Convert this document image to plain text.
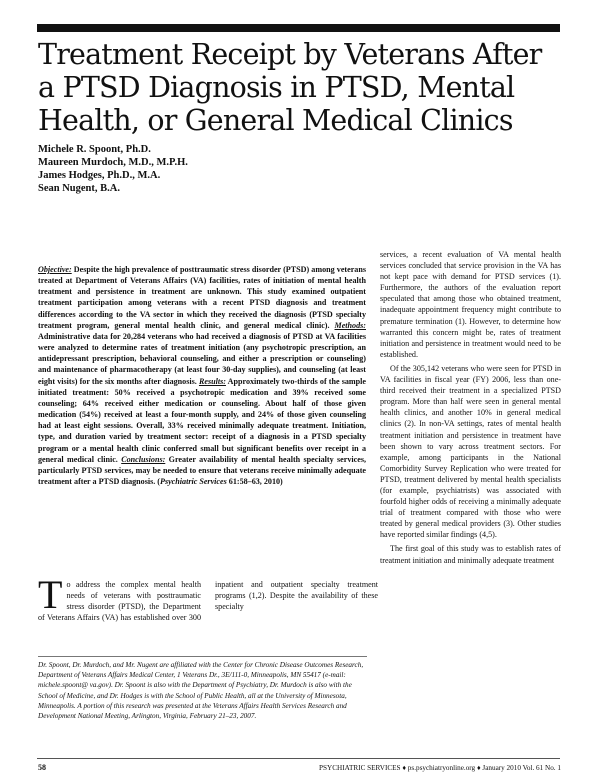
Treatment Receipt by Veterans After
a PTSD Diagnosis in PTSD, Mental
Health, or General Medical Clinics
Michele R. Spoont, Ph.D.
Maureen Murdoch, M.D., M.P.H.
James Hodges, Ph.D., M.A.
Sean Nugent, B.A.

Objective: Despite the high prevalence of posttraumatic stress disorder (PTSD) among veterans treated at Department of Veterans Affairs (VA) facilities, rates of initiation of mental health treatment and persistence in treatment are unknown. This study examined outpatient treatment participation among veterans with a recent PTSD diagnosis and treatment differences according to the VA sector in which they received the diagnosis (PTSD specialty treatment program, general mental health clinic, and general medical clinic). Methods: Administrative data for 20,284 veterans who had received a diagnosis of PTSD at VA facilities were analyzed to determine rates of treatment initiation (any psychotropic prescription, an antidepressant prescription, behavioral counseling, and either a prescription or counseling) and maintenance of pharmacotherapy (at least four 30-day supplies), and counseling (at least eight visits) for the six months after diagnosis. Results: Approximately two-thirds of the sample initiated treatment: 50% received a psychotropic medication and 39% received some counseling; 64% received either medication or counseling. About half of those given medication (54%) received at least a four-month supply, and 24% of those given counseling had at least eight sessions. Overall, 33% received minimally adequate treatment. Initiation, type, and duration varied by treatment sector: receipt of a diagnosis in a PTSD specialty program or a mental health clinic conferred small but significant benefits over receipt in a general medical clinic. Conclusions: Greater availability of mental health specialty services, particularly PTSD services, may be needed to ensure that veterans receive minimally adequate treatment after a PTSD diagnosis. (Psychiatric Services 61:58–63, 2010)

To address the complex mental health needs of veterans with posttraumatic stress disorder (PTSD), the Department of Veterans Affairs (VA) has established over 300 inpatient and outpatient specialty treatment programs (1,2). Despite the availability of these specialty

Dr. Spoont, Dr. Murdoch, and Mr. Nugent are affiliated with the Center for Chronic Disease Outcomes Research, Department of Veterans Affairs Medical Center, 1 Veterans Dr., 3E/111-0, Minneapolis, MN 55417 (e-mail: michele.spoont@ va.gov). Dr. Spoont is also with the Department of Psychiatry, Dr. Murdoch is also with the School of Medicine, and Dr. Hodges is with the School of Public Health, all at the University of Minnesota, Minneapolis. A portion of this research was presented at the Veterans Affairs Health Services Research and Development National Meeting, Arlington, Virginia, February 21–23, 2007.

services, a recent evaluation of VA mental health services concluded that service provision in the VA has not kept pace with demand for PTSD services (1). Furthermore, the authors of the evaluation report speculated that among those who obtained treatment, inadequate appointment frequency might contribute to premature termination (1). However, to determine how warranted this concern might be, rates of treatment initiation and persistence in treatment would need to be established.

Of the 305,142 veterans who were seen for PTSD in VA facilities in fiscal year (FY) 2006, less than one-third received their treatment in a specialized PTSD program. More than half were seen in general mental health clinics, and another 10% in general medical clinics (2). In non-VA settings, rates of mental health treatment initiation and persistence in treatment have been shown to vary across treatment sectors. For example, among participants in the National Comorbidity Survey Replication who were treated for PTSD, treatment delivered by mental health specialists (for example, psychiatrists) was associated with fourfold higher odds of receiving a minimally adequate trial of treatment compared with those who were treated by general medical providers (3). Other studies have reported similar findings (4,5).

The first goal of this study was to establish rates of treatment initiation and minimally adequate treatment

58	PSYCHIATRIC SERVICES ♦ ps.psychiatryonline.org ♦ January 2010 Vol. 61 No. 1
